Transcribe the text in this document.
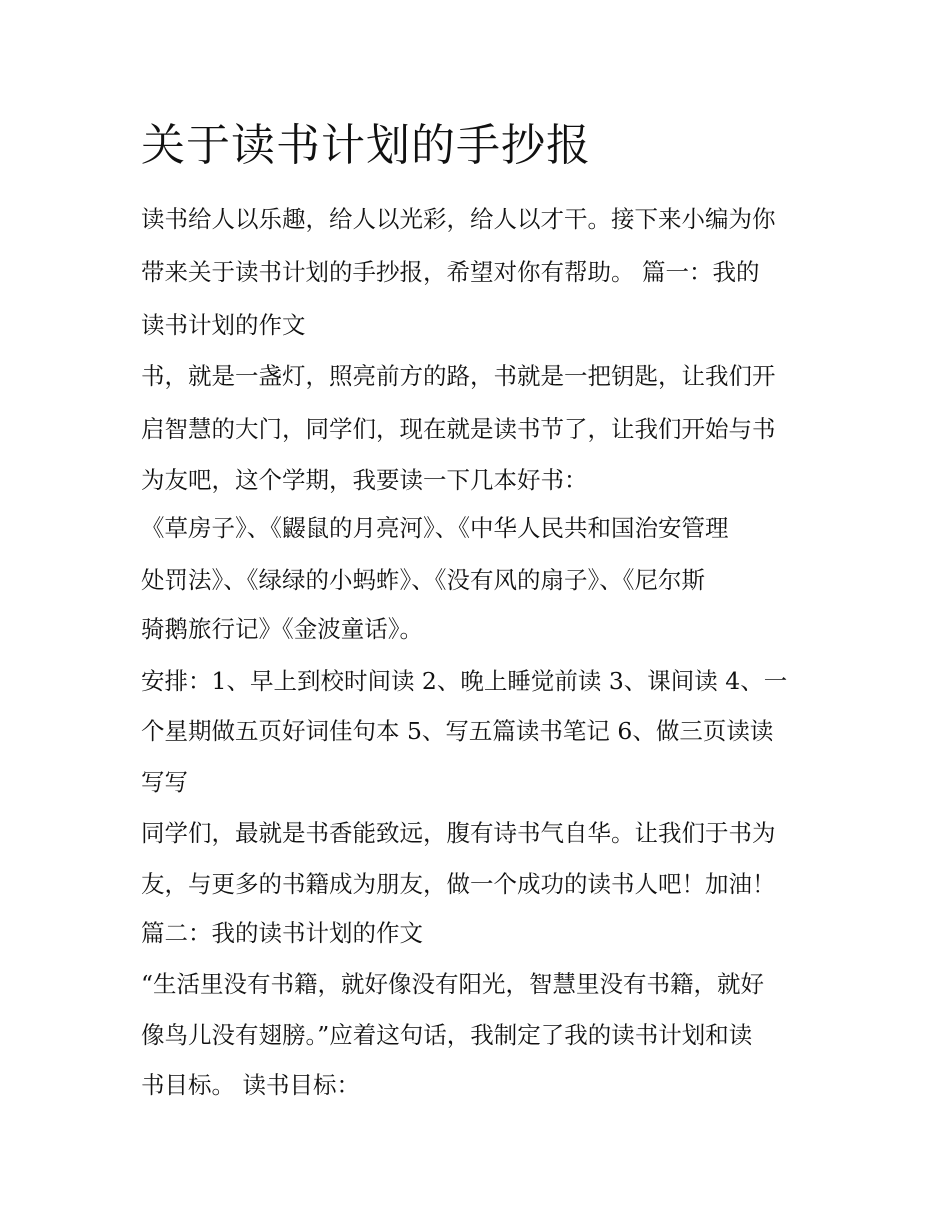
关于读书计划的手抄报

读书给人以乐趣，给人以光彩，给人以才干。接下来小编为你

带来关于读书计划的手抄报，希望对你有帮助。 篇一：我的

读书计划的作文

书，就是一盏灯，照亮前方的路，书就是一把钥匙，让我们开

启智慧的大门，同学们，现在就是读书节了，让我们开始与书

为友吧，这个学期，我要读一下几本好书：

《草房子》、《鼹鼠的月亮河》、《中华人民共和国治安管理

处罚法》、《绿绿的小蚂蚱》、《没有风的扇子》、《尼尔斯

骑鹅旅行记》《金波童话》。

安排：1、早上到校时间读 2、晚上睡觉前读 3、课间读 4、一

个星期做五页好词佳句本 5、写五篇读书笔记 6、做三页读读

写写

同学们，最就是书香能致远，腹有诗书气自华。让我们于书为

友，与更多的书籍成为朋友，做一个成功的读书人吧！加油！

篇二：我的读书计划的作文

“生活里没有书籍，就好像没有阳光，智慧里没有书籍，就好

像鸟儿没有翅膀。”应着这句话，我制定了我的读书计划和读

书目标。 读书目标：
